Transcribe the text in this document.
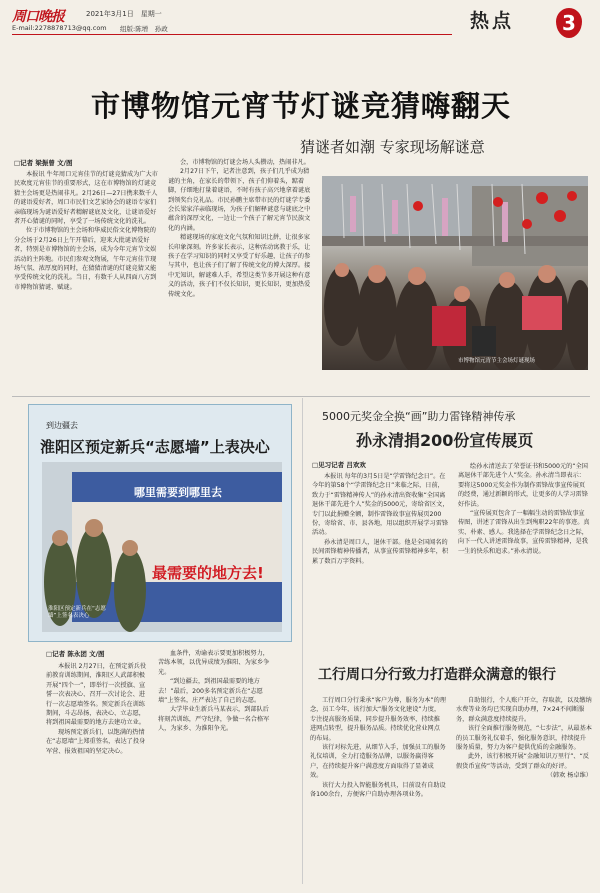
周口晚报	2021年3月1日　星期一
E-mail:2278878713@qq.com 组版:陈增　孙政	热点	3
市博物馆元宵节灯谜竞猜嗨翻天
猜谜者如潮 专家现场解谜意
□记者 梁振曾 文/图

本报讯 牛年周口元宵佳节的灯谜竞猜成为广大市民欢度元宵佳节的重要形式，这在市博物馆的灯谜竞猜主会场更是热闹非凡。2月26日—27日携来数千人的谜语爱好者，周口市民们文艺家协会的谜语专家们亲临现场为谜语爱好者精解谜底及文化，让谜语爱好者开心猜谜的同时，享受了一场传统文化的洗礼。

位于市博物馆的主会场和华威民俗文化博物院的分会场于2月26日上午开幕后，迎来大批谜语爱好者，特别是市博物馆的主会场，成为今年元宵节文娱活动的主阵地。市民们参观文物展，午年元宵佳节现场气氛、浓厚度的同时，在猜猜清谜的灯谜竞猜又能享受传统文化的洗礼。当日，有数千人从四面八方到市博物馆猜谜、赋谜。

会，市博物馆的灯谜会场人头攒动，热闹非凡。

2月27日下午，记者注意到，孩子们几乎成为猜谜的主角，在家长的带领下，孩子们仰着头，踮着脚，仔细地打量着谜语，不时有孩子高兴地拿着谜底到领奖台兑礼品。市民孙鹏主席带市民的灯谜学专委会长梁家洋亲临现场，为孩子们解释谜意与谜底之中蕴含的深厚文化，一边让一个孩子了解元宵节民族文化的内涵。

精谜现场的家庭文化气氛和知识比拼，让很多家长印象深刻。许多家长表示，这种活动寓教于乐，让孩子在学习知识的同时又享受了好乐趣，让孩子的参与其中，也让孩子们了解了传统文化的博大深厚。接中无知识，解谜难人手，希望这类节多开展这种有意义的活动，孩子们不仅长知识，更长知识，更加热爱传统文化。

市博物馆元宵节主会场灯谜现场
到边疆去
淮阳区预定新兵“志愿墙”上表决心
哪里需要到哪里去
最需要的地方去!
淮阳区预定新兵在“志愿墙”上签名表决心
5000元奖金全换“画”助力雷锋精神传承
孙永清捐200份宣传展页
□见习记者 吕欢欢

本报讯 每年的3月5日是“学雷锋纪念日”。在今年的第58个“学雷锋纪念日”来临之际，日前，致力于“雷锋精神传人”的孙永清出资收集“全国离退休干部先进个人”奖金的5000元，寄给省区文，专门以此捐赠全额，制作雷锋故事宣传展页200份，寄给省、市、县各地，用以组织开展学习雷锋活动。

孙永清是周口人，退休干部。他是全国闻名的民间雷锋精神传播者，从事宣传雷锋精神多年，积累了数百万字资料。

绘孙永清送去了荣誉证书和5000元的“全国离退休干部先进个人”奖金。孙永清当即表示：要将这5000元奖金作为制作雷锋故事宣传展页的经费，通过新颖的形式，让更多的人学习雷锋好作法。

“宣传展页包含了一幅幅生动的雷锋故事宣传图，讲述了雷锋从出生到殉职22年的事迹。真实、朴素、感人。我选择在学雷锋纪念日之际，向下一代人讲述雷锋故事，宣传雷锋精神，是我一生的快乐和追求。”孙永清说。

□记者 陈永团 文/图

本报讯 2月27日，在预定新兵役前教育训练期间，淮阳区人武部积极开展“四个一”，即举行一次授旗、宣誓一次表决心、召开一次讨论会、进行一次志愿墙签名。预定新兵在训练期间，斗志昂扬，表决心、立志愿，将到祖国最需要的地方去建功立业。

现场预定新兵们，以饱满的热情在“志愿墙”上郑重签名，表达了投身军营、报效祖国的坚定决心。

血条件，劝谕表示要更加积极努力，苦练本领，以优异成绩为淮阳、为家乡争光。

“到边疆去，到祖国最需要的地方去！”最后，200多名预定新兵在“志愿墙”上签名，庄严表达了自己的志愿。

大学毕业生新兵马某表示，到部队后将刻苦训练，严守纪律，争做一名合格军人，为家乡、为淮阳争光。

工行周口分行致力打造群众满意的银行

工行周口分行秉承“客户为尊，服务为本”的理念，员工今年，该行加大“服务文化建设”力度，专注提高服务质量，同步提升服务效率，持续推进网点转型，提升服务品质。持续优化营业网点的布局。

该行对标先进，从细节入手，加强员工的服务礼仪培训，全力打造服务品牌，以服务赢得客户，在持续提升客户满意度方面取得了显著成效。

该行大力投入智能服务机具，目前设有自助设备100余台，方便客户自助办理各项业务。

自助银行，个人账户开立，存取款，以及缴纳水费等业务均已实现自助办理，7×24不间断服务，群众满意度持续提升。

该行全面推行服务规范，“七步法”，从最基本的员工服务礼仪着手，强化服务意识，持续提升服务质量，努力为客户提供优质的金融服务。

此外，该行积极开展“金融知识万里行”、“反假货币宣传”等活动，受到了群众的好评。

（韩欢 杨卓维）
